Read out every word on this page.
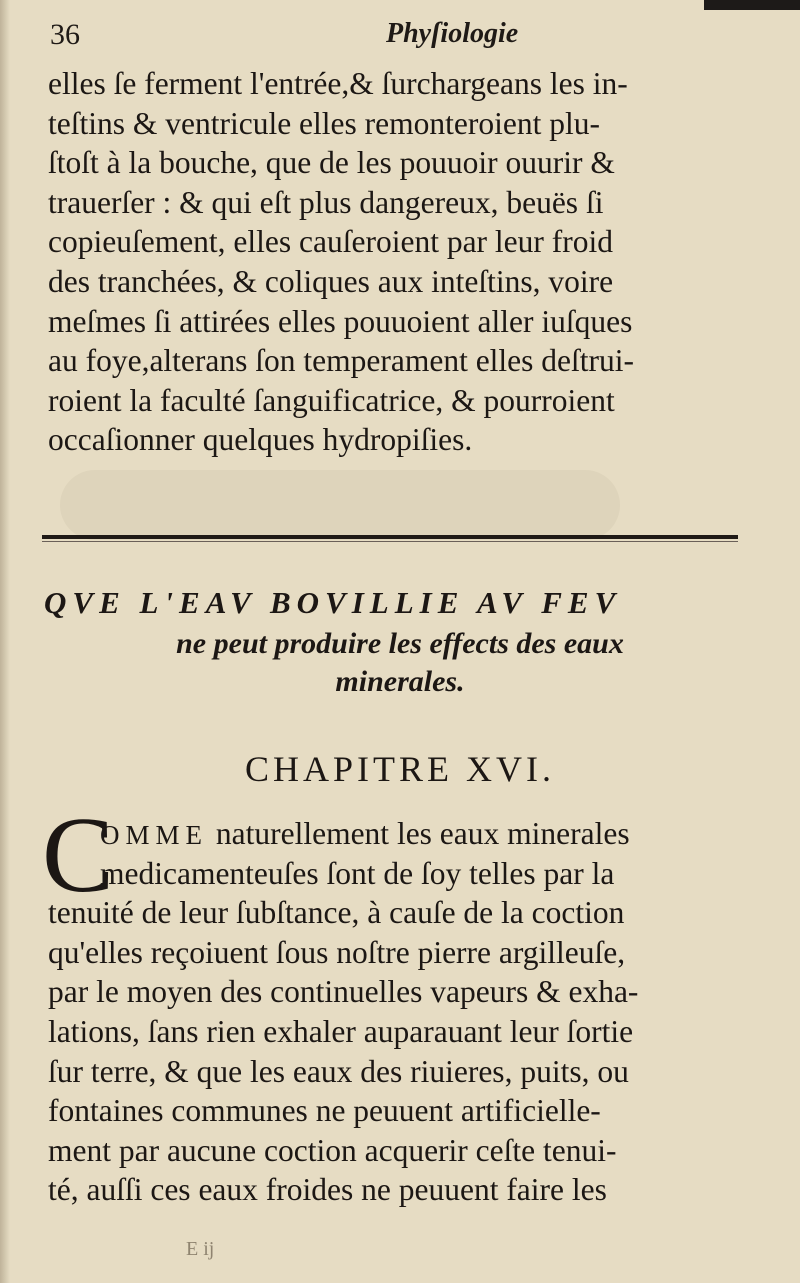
36	Phyſiologie
elles ſe ferment l'entrée,& ſurchargeans les in-
teſtins & ventricule elles remonteroient plu-
ſtoſt à la bouche, que de les pouuoir ouurir &
trauerſer : & qui eſt plus dangereux, beuës ſi
copieuſement, elles cauſeroient par leur froid
des tranchées, & coliques aux inteſtins, voire
meſmes ſi attirées elles pouuoient aller iuſques
au foye,alterans ſon temperament elles deſtrui-
roient la faculté ſanguificatrice, & pourroient
occaſionner quelques hydropiſies.
QVE L'EAV BOVILLIE AV FEV
ne peut produire les effects des eaux
minerales.
CHAPITRE XVI.
C
OMME naturellement les eaux minerales
medicamenteuſes ſont de ſoy telles par la
tenuité de leur ſubſtance, à cauſe de la coction
qu'elles reçoiuent ſous noſtre pierre argilleuſe,
par le moyen des continuelles vapeurs & exha-
lations, ſans rien exhaler auparauant leur ſortie
ſur terre, & que les eaux des riuieres, puits, ou
fontaines communes ne peuuent artificielle-
ment par aucune coction acquerir ceſte tenui-
té, auſſi ces eaux froides ne peuuent faire les
E ij
